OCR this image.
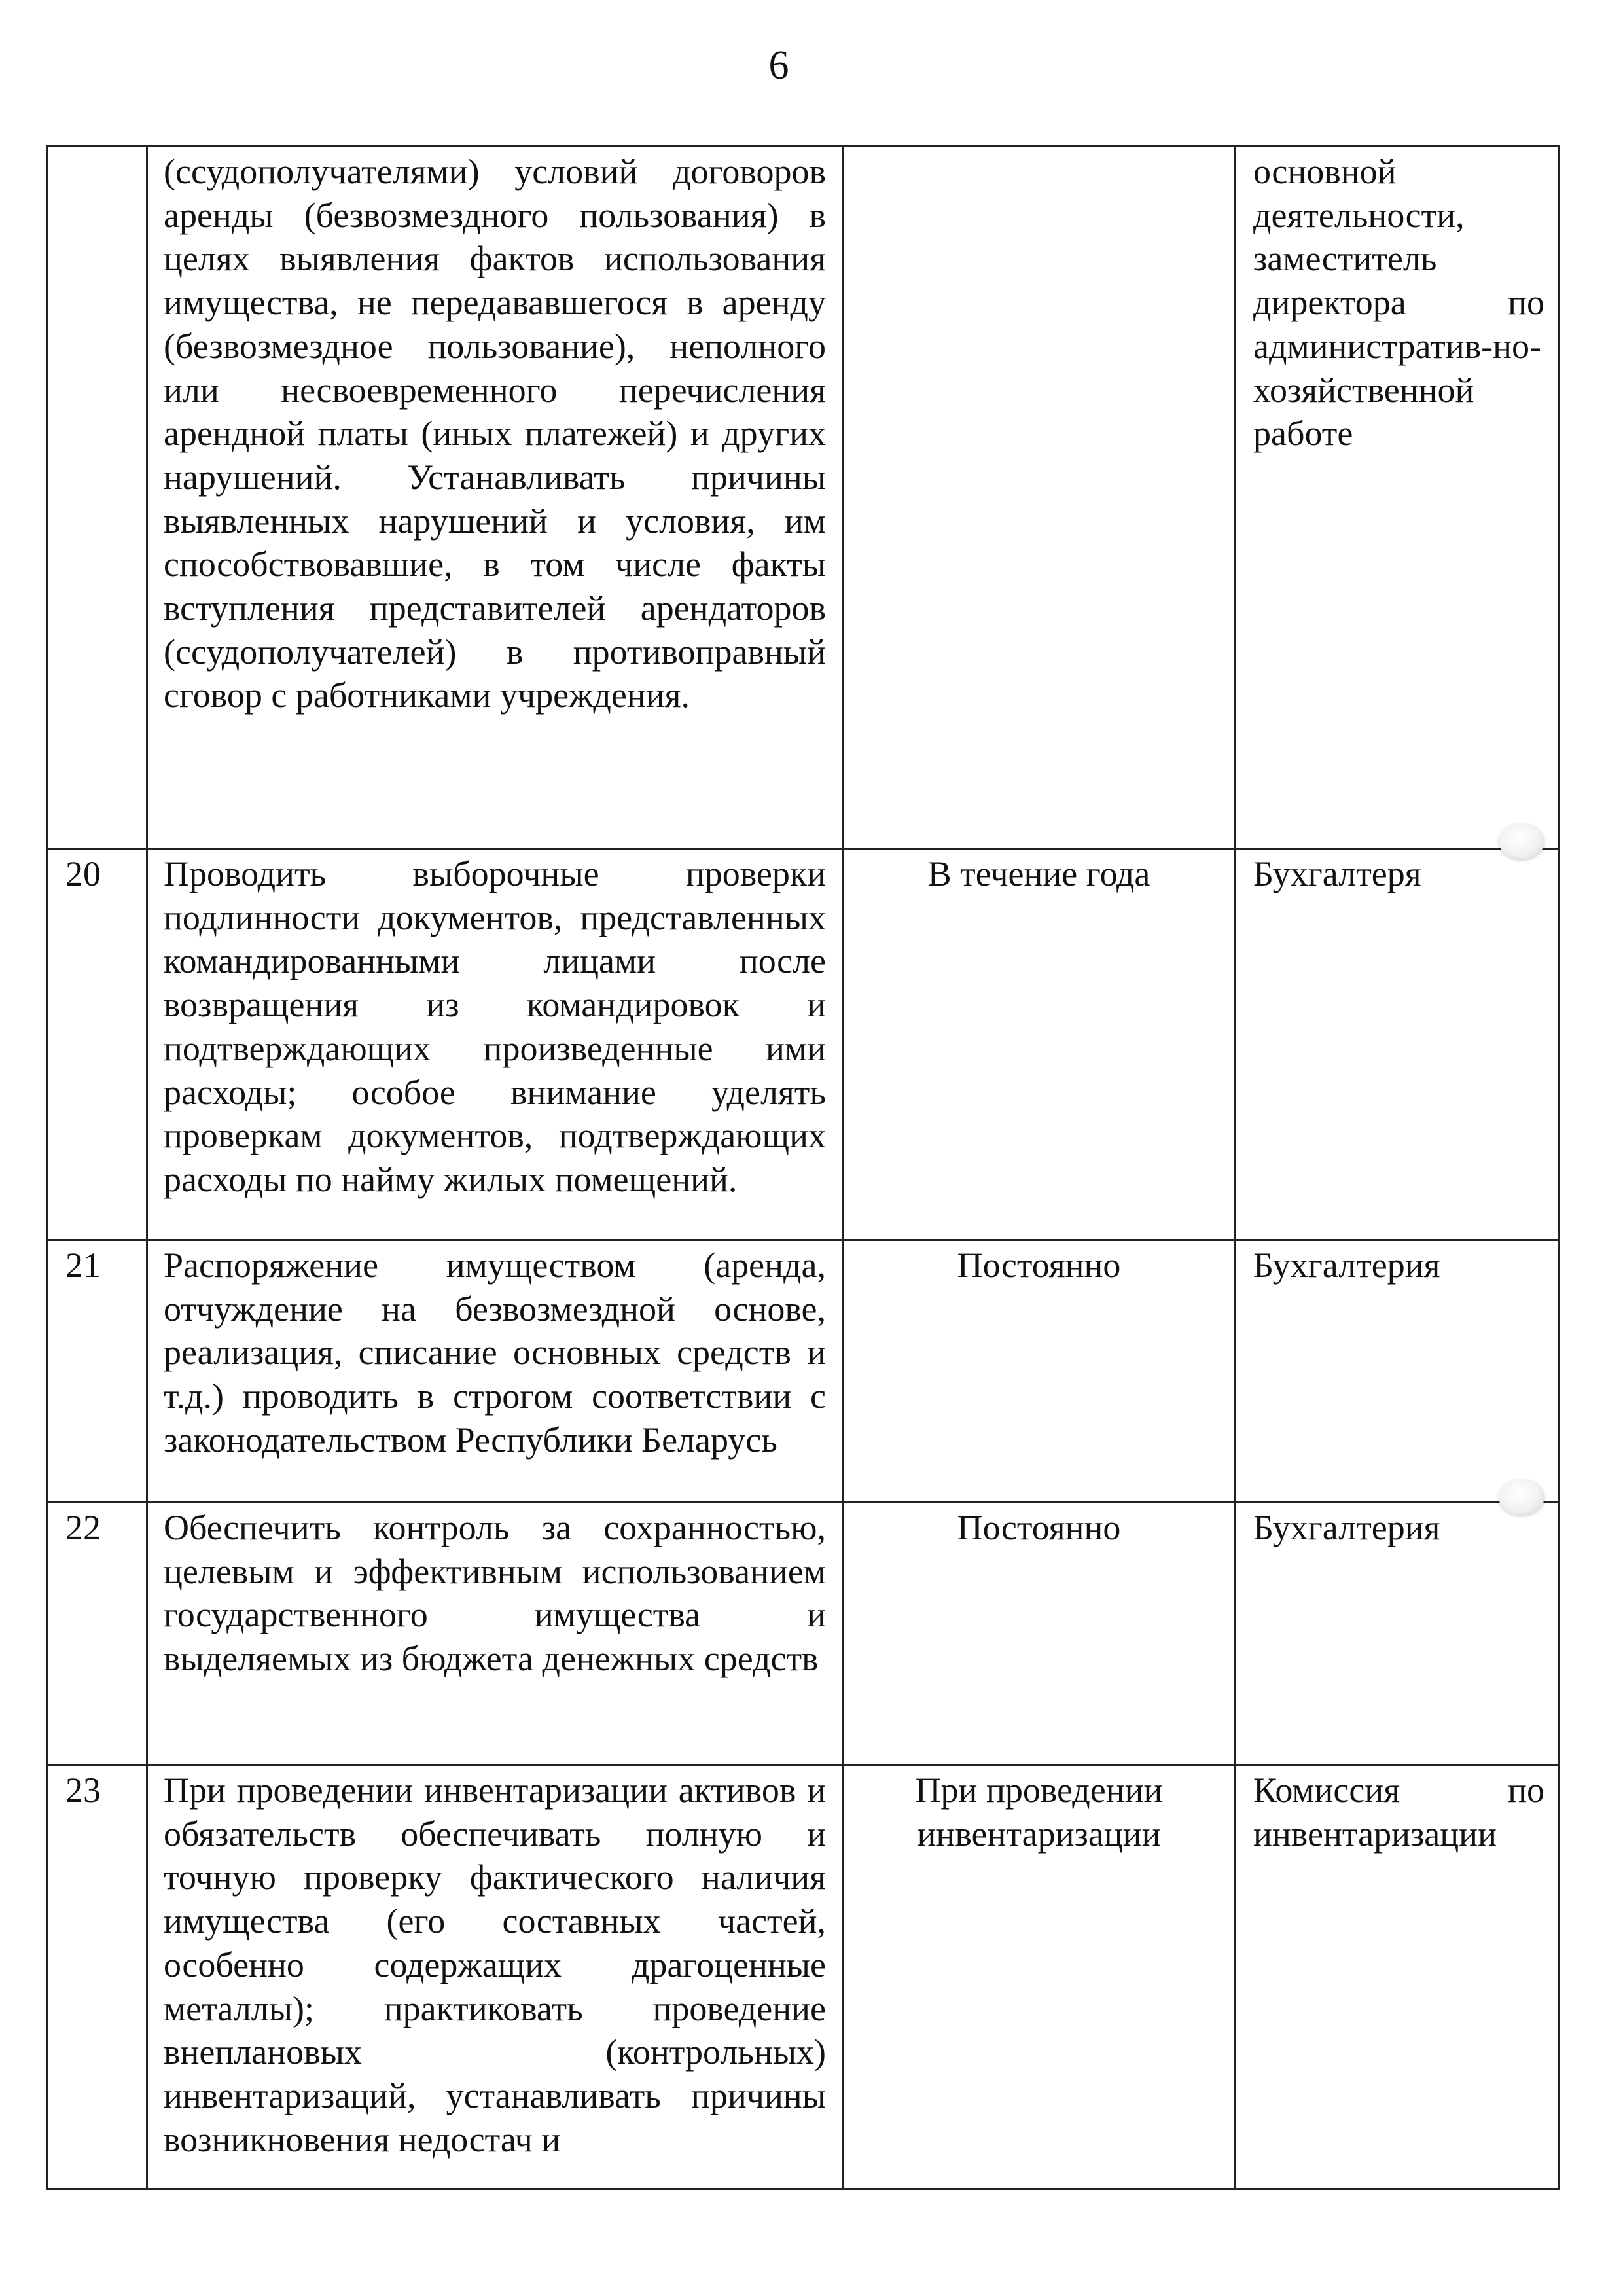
6

	(ссудополучателями) условий договоров аренды (безвозмездного пользования) в целях выявления фактов использования имущества, не передававшегося в аренду (безвозмездное пользование), неполного или несвоевременного перечисления арендной платы (иных платежей) и других нарушений. Устанавливать причины выявленных нарушений и условия, им способствовавшие, в том числе факты вступления представителей арендаторов (ссудополучателей) в противоправный сговор с работниками учреждения.		основной деятельности, заместитель директора по административ-но-хозяйственной работе

20	Проводить выборочные проверки подлинности документов, представленных командированными лицами после возвращения из командировок и подтверждающих произведенные ими расходы; особое внимание уделять проверкам документов, подтверждающих расходы по найму жилых помещений.	В течение года	Бухгалтеря

21	Распоряжение имуществом (аренда, отчуждение на безвозмездной основе, реализация, списание основных средств и т.д.) проводить в строгом соответствии с законодательством Республики Беларусь	Постоянно	Бухгалтерия

22	Обеспечить контроль за сохранностью, целевым и эффективным использованием государственного имущества и выделяемых из бюджета денежных средств	Постоянно	Бухгалтерия

23	При проведении инвентаризации активов и обязательств обеспечивать полную и точную проверку фактического наличия имущества (его составных частей, особенно содержащих драгоценные металлы); практиковать проведение внеплановых (контрольных) инвентаризаций, устанавливать причины возникновения недостач и	При проведении инвентаризации	Комиссия по инвентаризации
